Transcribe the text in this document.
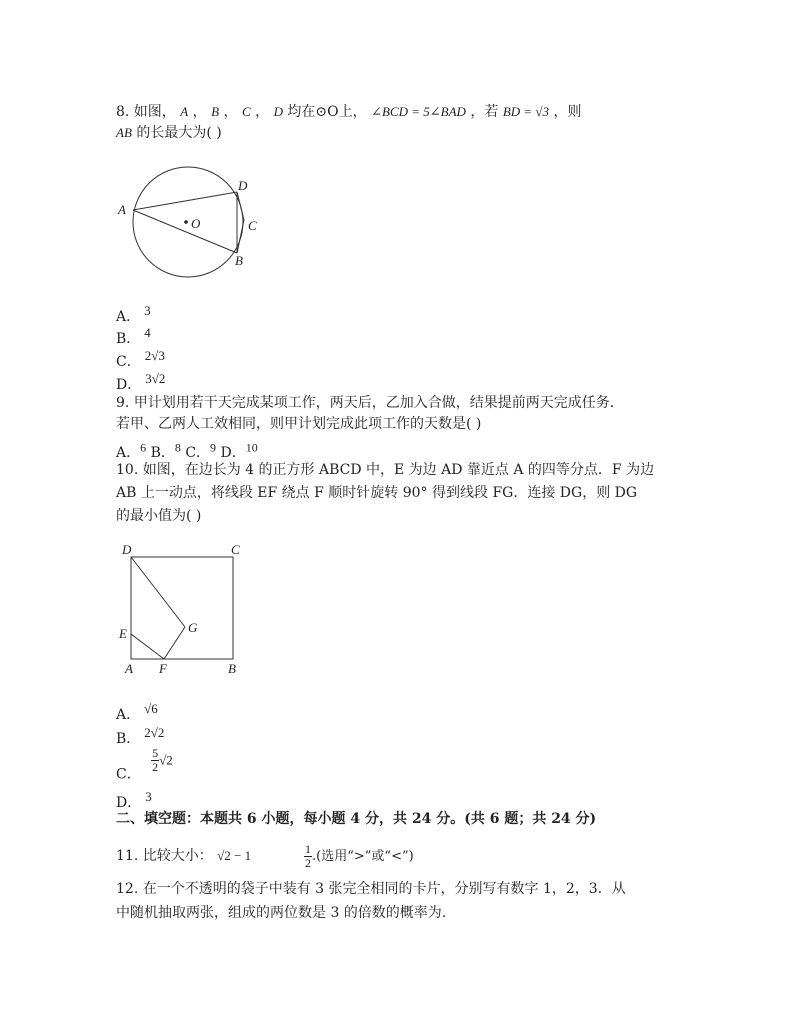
8. 如图， A ， B ， C ， D 均在⊙O上， ∠BCD = 5∠BAD ，若 BD = √3 ，则
AB 的长最大为( )
A
D
C
B
O
A． 3
B． 4
C． 2√3
D． 3√2
9. 甲计划用若干天完成某项工作，两天后，乙加入合做，结果提前两天完成任务．
若甲、乙两人工效相同，则甲计划完成此项工作的天数是( )
A．6 B．8 C．9 D．10
10. 如图，在边长为 4 的正方形 ABCD 中，E 为边 AD 靠近点 A 的四等分点．F 为边
AB 上一动点，将线段 EF 绕点 F 顺时针旋转 90° 得到线段 FG．连接 DG，则 DG
的最小值为( )
D	C
E	G
A F	B
A． √6
B． 2√2
C．
$\frac{5}{2} √2$
D． 3
二、填空题：本题共 6 小题，每小题 4 分，共 24 分。(共 6 题；共 24 分)
11. 比较大小： √2 − 1	$\frac{1}{2}$ .(选用“>”或“<”)
12. 在一个不透明的袋子中装有 3 张完全相同的卡片，分别写有数字 1，2，3．从
中随机抽取两张，组成的两位数是 3 的倍数的概率为.
